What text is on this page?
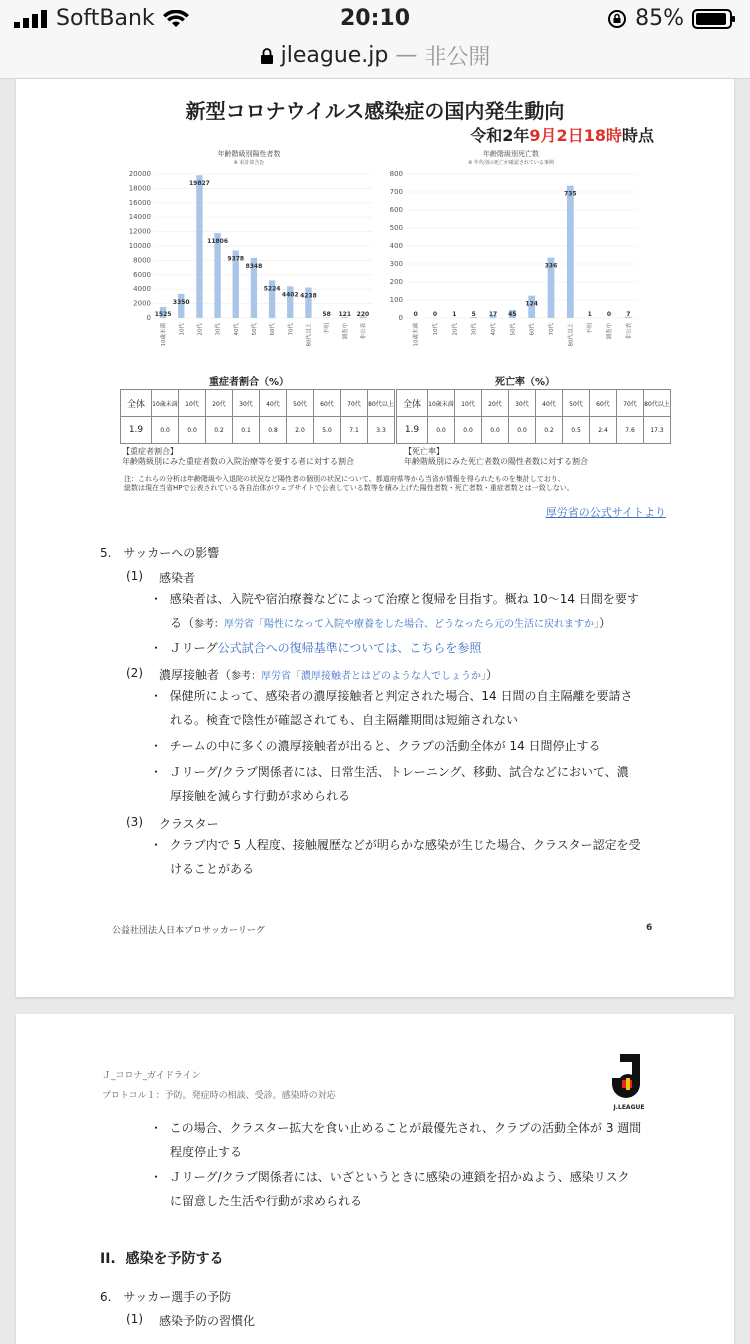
SoftBank	20:10	85%
jleague.jp — 非公開
新型コロナウイルス感染症の国内発生動向
令和2年9月2日18時時点
年齢階級別陽性者数
※ 未計算含む
0
2000
4000
6000
8000
10000
12000
14000
16000
18000
20000
1525
10歳未満
3350
10代
19827
20代
11806
30代
9378
40代
8348
50代
5224
60代
4402
70代
4238
80代以上
58
不明
121
調査中
220
非公表
年齢階級別死亡数
※ 年代別の死亡が確認されている事例
0
100
200
300
400
500
600
700
800
0
10歳未満
0
10代
1
20代
5
30代
17
40代
45
50代
124
60代
336
70代
735
80代以上
1
不明
0
調査中
7
非公表
重症者割合（%）	死亡率（%）
全体	10歳未満	10代	20代	30代	40代	50代	60代	70代	80代以上
1.9	0.0	0.0	0.2	0.1	0.8	2.0	5.0	7.1	3.3
全体	10歳未満	10代	20代	30代	40代	50代	60代	70代	80代以上
1.9	0.0	0.0	0.0	0.0	0.2	0.5	2.4	7.6	17.3
【重症者割合】
年齢階級別にみた重症者数の入院治療等を要する者に対する割合
【死亡率】
年齢階級別にみた死亡者数の陽性者数に対する割合
注：これらの分析は年齢階級や入退院の状況など陽性者の個別の状況について、都道府県等から当省が情報を得られたものを集計しており、
総数は現在当省HPで公表されている各自治体がウェブサイトで公表している数等を積み上げた陽性者数・死亡者数・重症者数とは一致しない。
厚労省の公式サイトより
5.　サッカーへの影響
(1) 感染者
・ 感染者は、入院や宿泊療養などによって治療と復帰を目指す。概ね 10〜14 日間を要す
る（参考：厚労省「陽性になって入院や療養をした場合、どうなったら元の生活に戻れますか」）
・ Ｊリーグ公式試合への復帰基準については、こちらを参照
(2) 濃厚接触者（参考：厚労省「濃厚接触者とはどのような人でしょうか」）
・ 保健所によって、感染者の濃厚接触者と判定された場合、14 日間の自主隔離を要請さ
れる。検査で陰性が確認されても、自主隔離期間は短縮されない
・ チームの中に多くの濃厚接触者が出ると、クラブの活動全体が 14 日間停止する
・ Ｊリーグ/クラブ関係者には、日常生活、トレーニング、移動、試合などにおいて、濃
厚接触を減らす行動が求められる
(3) クラスター
・ クラブ内で 5 人程度、接触履歴などが明らかな感染が生じた場合、クラスター認定を受
けることがある
公益社団法人日本プロサッカーリーグ	6
Ｊ_コロナ_ガイドライン
プロトコル１：予防。発症時の相談、受診。感染時の対応
J.LEAGUE
・ この場合、クラスター拡大を食い止めることが最優先され、クラブの活動全体が 3 週間
程度停止する
・ Ｊリーグ/クラブ関係者には、いざというときに感染の連鎖を招かぬよう、感染リスク
に留意した生活や行動が求められる
II. 感染を予防する
6.　サッカー選手の予防
(1) 感染予防の習慣化
